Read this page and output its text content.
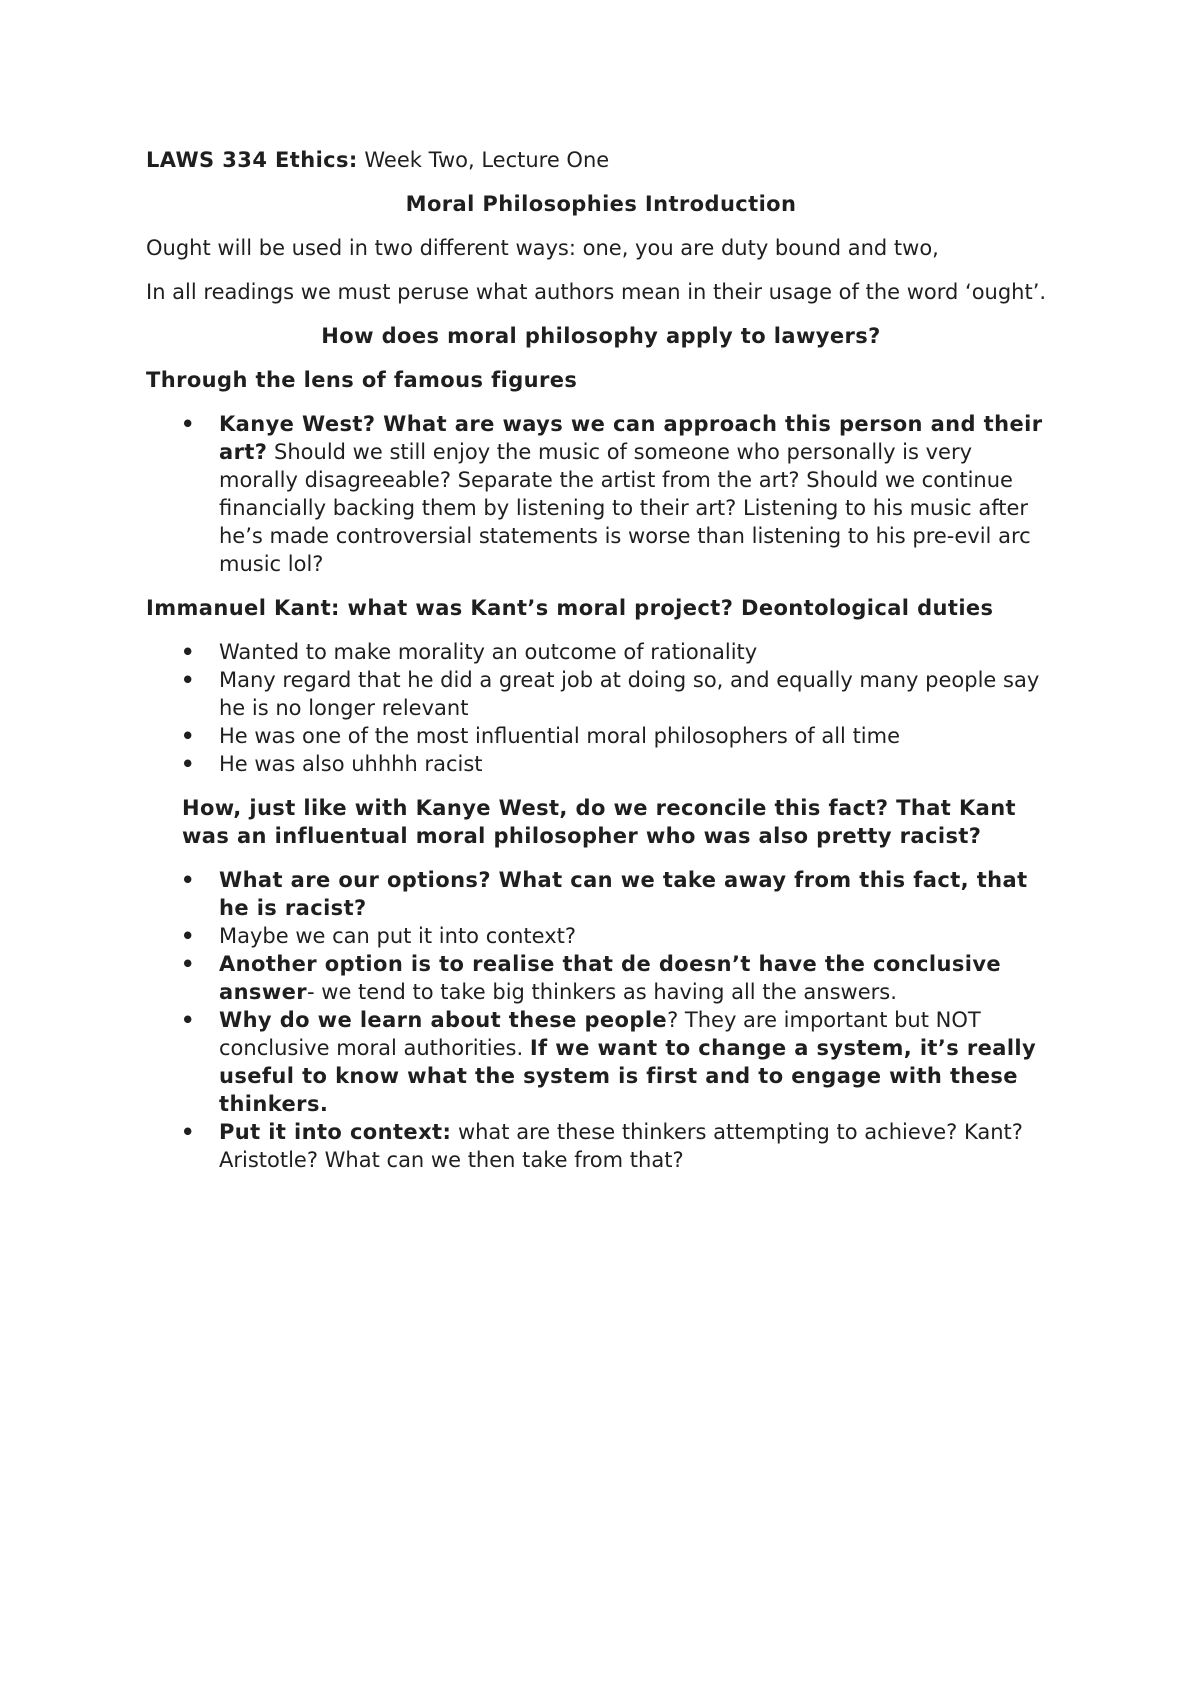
LAWS 334 Ethics: Week Two, Lecture One

Moral Philosophies Introduction

Ought will be used in two different ways: one, you are duty bound and two,

In all readings we must peruse what authors mean in their usage of the word ‘ought’.

How does moral philosophy apply to lawyers?

Through the lens of famous figures

• Kanye West? What are ways we can approach this person and their art? Should we still enjoy the music of someone who personally is very morally disagreeable? Separate the artist from the art? Should we continue financially backing them by listening to their art? Listening to his music after he’s made controversial statements is worse than listening to his pre-evil arc music lol?

Immanuel Kant: what was Kant’s moral project? Deontological duties

• Wanted to make morality an outcome of rationality
• Many regard that he did a great job at doing so, and equally many people say he is no longer relevant
• He was one of the most influential moral philosophers of all time
• He was also uhhhh racist

How, just like with Kanye West, do we reconcile this fact? That Kant was an influentual moral philosopher who was also pretty racist?

• What are our options? What can we take away from this fact, that he is racist?
• Maybe we can put it into context?
• Another option is to realise that de doesn’t have the conclusive answer- we tend to take big thinkers as having all the answers.
• Why do we learn about these people? They are important but NOT conclusive moral authorities. If we want to change a system, it’s really useful to know what the system is first and to engage with these thinkers.
• Put it into context: what are these thinkers attempting to achieve? Kant? Aristotle? What can we then take from that?
